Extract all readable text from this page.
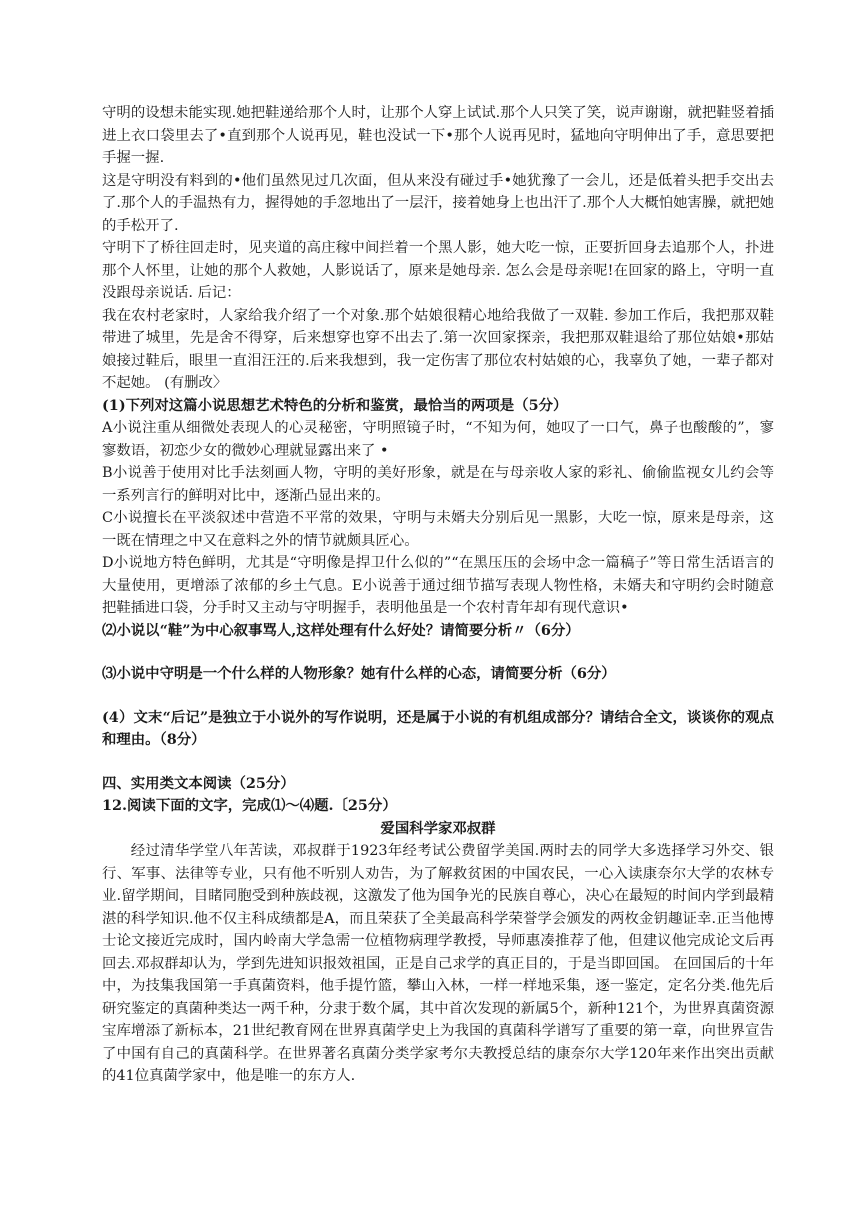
守明的设想未能实现.她把鞋递给那个人时，让那个人穿上试试.那个人只笑了笑，说声谢谢，就把鞋竖着插进上衣口袋里去了•直到那个人说再见，鞋也没试一下•那个人说再见时，猛地向守明伸出了手，意思要把手握一握.

这是守明没有料到的•他们虽然见过几次面，但从来没有碰过手•她犹豫了一会儿，还是低着头把手交出去了.那个人的手温热有力，握得她的手忽地出了一层汗，接着她身上也出汗了.那个人大概怕她害臊，就把她的手松开了.

守明下了桥往回走时，见夹道的高庄稼中间拦着一个黑人影，她大吃一惊，正要折回身去追那个人，扑进那个人怀里，让她的那个人救她，人影说话了，原来是她母亲. 怎么会是母亲呢!在回家的路上，守明一直没跟母亲说话. 后记：

我在农村老家时，人家给我介绍了一个对象.那个姑娘很精心地给我做了一双鞋. 参加工作后，我把那双鞋带进了城里，先是舍不得穿，后来想穿也穿不出去了.第一次回家探亲，我把那双鞋退给了那位姑娘•那姑娘接过鞋后，眼里一直泪汪汪的.后来我想到，我一定伤害了那位农村姑娘的心，我辜负了她，一辈子都对不起她。 (有删改〉

(1)下列对这篇小说思想艺术特色的分析和鉴赏，最恰当的两项是（5分）

A小说注重从细微处表现人的心灵秘密，守明照镜子时，“不知为何，她叹了一口气，鼻子也酸酸的”，寥寥数语，初恋少女的微妙心理就显露出来了 •

B小说善于使用对比手法刻画人物，守明的美好形象，就是在与母亲收人家的彩礼、偷偷监视女儿约会等一系列言行的鲜明对比中，逐渐凸显出来的。

C小说擅长在平淡叙述中营造不平常的效果，守明与未婿夫分别后见一黑影，大吃一惊，原来是母亲，这一既在情理之中又在意料之外的情节就颇具匠心。

D小说地方特色鲜明，尤其是“守明像是捍卫什么似的”“在黑压压的会场中念一篇稿子”等日常生活语言的大量使用，更增添了浓郁的乡土气息。E小说善于通过细节描写表现人物性格，未婿夫和守明约会时随意把鞋插进口袋，分手时又主动与守明握手，表明他虽是一个农村青年却有现代意识•

⑵小说以“鞋”为中心叙事骂人,这样处理有什么好处？请简要分析〃（6分）

⑶小说中守明是一个什么样的人物形象？她有什么样的心态，请简要分析（6分）

(4）文末“后记”是独立于小说外的写作说明，还是属于小说的有机组成部分？请结合全文，谈谈你的观点和理由。（8分）

四、实用类文本阅读（25分）

12.阅读下面的文字，完成⑴～⑷题.〔25分）

爱国科学家邓叔群

经过清华学堂八年苦读，邓叔群于1923年经考试公费留学美国.两时去的同学大多选择学习外交、银行、军事、法律等专业，只有他不听别人劝告，为了解救贫困的中国农民，一心入读康奈尔大学的农林专业.留学期间，目睹同胞受到种族歧视，这激发了他为国争光的民族自尊心，决心在最短的时间内学到最精湛的科学知识.他不仅主科成绩都是A，而且荣获了全美最高科学荣誉学会颁发的两枚金钥趣证幸.正当他博士论文接近完成时，国内岭南大学急需一位植物病理学教授，导师惠凑推荐了他，但建议他完成论文后再回去.邓叔群却认为，学到先进知识报效祖国，正是自己求学的真正目的，于是当即回国。 在回国后的十年中，为技集我国第一手真菌资料，他手提竹篮，攀山入林，一样一样地采集，逐一鉴定，定名分类.他先后研究鉴定的真菌种类达一两千种，分隶于数个属，其中首次发现的新属5个，新种121个，为世界真菌资源宝库增添了新标本，21世纪教育网在世界真菌学史上为我国的真菌科学谱写了重要的第一章，向世界宣告了中国有自己的真菌科学。在世界著名真菌分类学家考尔夫教授总结的康奈尔大学120年来作出突出贡献的41位真菌学家中，他是唯一的东方人.
